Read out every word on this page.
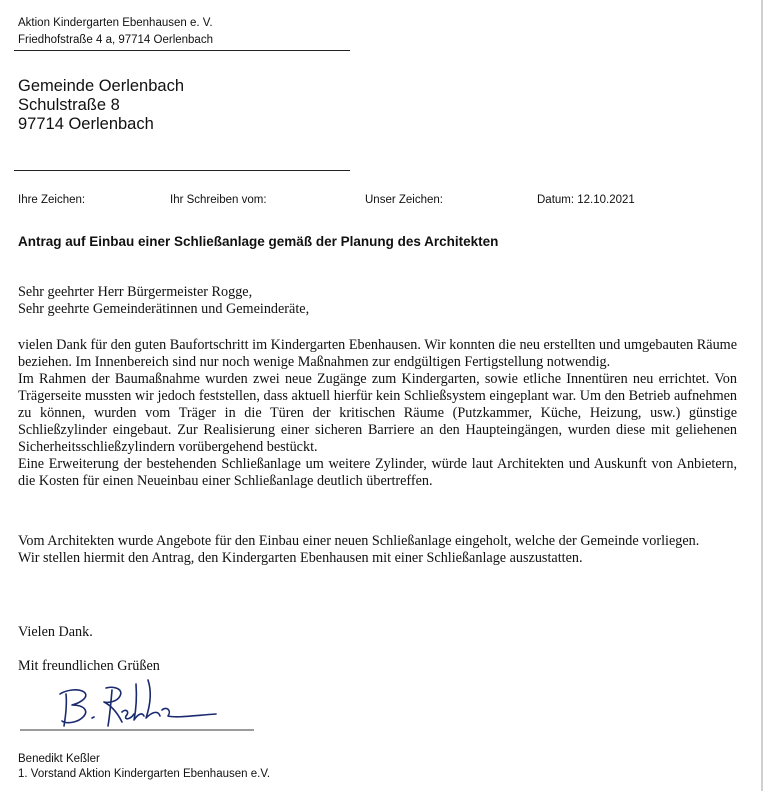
Aktion Kindergarten Ebenhausen e. V.
Friedhofstraße 4 a, 97714 Oerlenbach
Gemeinde Oerlenbach
Schulstraße 8
97714 Oerlenbach
Ihre Zeichen:	Ihr Schreiben vom:	Unser Zeichen:	Datum: 12.10.2021
Antrag auf Einbau einer Schließanlage gemäß der Planung des Architekten
Sehr geehrter Herr Bürgermeister Rogge,
Sehr geehrte Gemeinderätinnen und Gemeinderäte,

vielen Dank für den guten Baufortschritt im Kindergarten Ebenhausen. Wir konnten die neu erstellten und umgebauten Räume beziehen. Im Innenbereich sind nur noch wenige Maßnahmen zur endgültigen Fertigstellung notwendig.

Im Rahmen der Baumaßnahme wurden zwei neue Zugänge zum Kindergarten, sowie etliche Innentüren neu errichtet. Von Trägerseite mussten wir jedoch feststellen, dass aktuell hierfür kein Schließsystem eingeplant war. Um den Betrieb aufnehmen zu können, wurden vom Träger in die Türen der kritischen Räume (Putzkammer, Küche, Heizung, usw.) günstige Schließzylinder eingebaut. Zur Realisierung einer sicheren Barriere an den Haupteingängen, wurden diese mit geliehenen Sicherheitsschließzylindern vorübergehend bestückt.

Eine Erweiterung der bestehenden Schließanlage um weitere Zylinder, würde laut Architekten und Auskunft von Anbietern, die Kosten für einen Neueinbau einer Schließanlage deutlich übertreffen.

Vom Architekten wurde Angebote für den Einbau einer neuen Schließanlage eingeholt, welche der Gemeinde vorliegen.

Wir stellen hiermit den Antrag, den Kindergarten Ebenhausen mit einer Schließanlage auszustatten.

Vielen Dank.
Mit freundlichen Grüßen
Benedikt Keßler
1. Vorstand Aktion Kindergarten Ebenhausen e.V.
